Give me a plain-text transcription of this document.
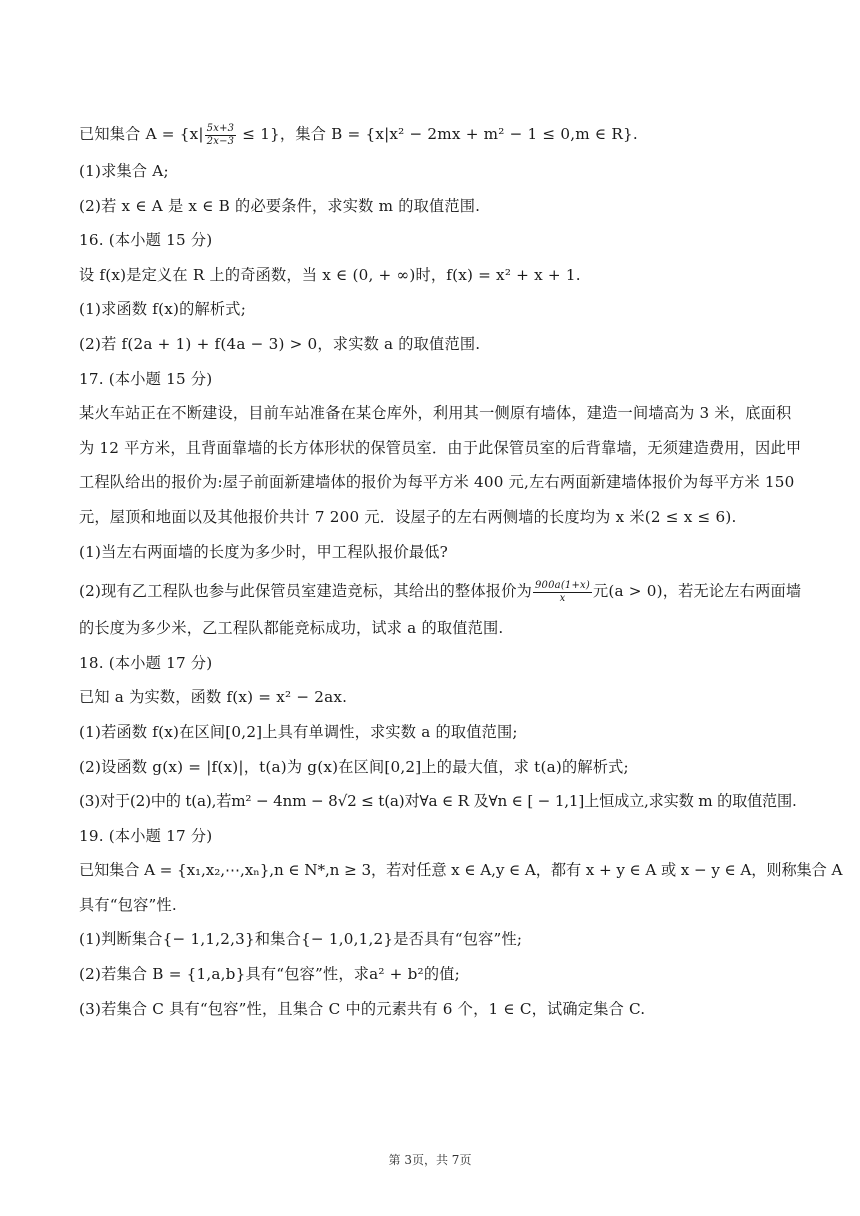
已知集合 $A = \{x| \frac{5x+3}{2x-3} \le 1\}$，集合 B = {x|x² − 2mx + m² − 1 ≤ 0,m ∈ R}.
(1)求集合 A;
(2)若 x ∈ A 是 x ∈ B 的必要条件，求实数 m 的取值范围.
16. (本小题 15 分)
设 f(x)是定义在 R 上的奇函数，当 x ∈ (0, + ∞)时，f(x) = x² + x + 1.
(1)求函数 f(x)的解析式;
(2)若 f(2a + 1) + f(4a − 3) > 0，求实数 a 的取值范围.
17. (本小题 15 分)
某火车站正在不断建设，目前车站准备在某仓库外，利用其一侧原有墙体，建造一间墙高为 3 米，底面积
为 12 平方米，且背面靠墙的长方体形状的保管员室．由于此保管员室的后背靠墙，无须建造费用，因此甲
工程队给出的报价为:屋子前面新建墙体的报价为每平方米 400 元,左右两面新建墙体报价为每平方米 150
元，屋顶和地面以及其他报价共计 7 200 元．设屋子的左右两侧墙的长度均为 x 米(2 ≤ x ≤ 6).
(1)当左右两面墙的长度为多少时，甲工程队报价最低?
(2)现有乙工程队也参与此保管员室建造竞标，其给出的整体报价为 $\frac{900a(1+x)}{x}$ 元(a > 0)，若无论左右两面墙
的长度为多少米，乙工程队都能竞标成功，试求 a 的取值范围.
18. (本小题 17 分)
已知 a 为实数，函数 f(x) = x² − 2ax.
(1)若函数 f(x)在区间[0,2]上具有单调性，求实数 a 的取值范围;
(2)设函数 g(x) = |f(x)|，t(a)为 g(x)在区间[0,2]上的最大值，求 t(a)的解析式;
(3)对于(2)中的 t(a),若m² − 4nm − 8√2 ≤ t(a)对∀a ∈ R 及∀n ∈ [ − 1,1]上恒成立,求实数 m 的取值范围.
19. (本小题 17 分)
已知集合 A = {x₁,x₂,⋯,xₙ},n ∈ N*,n ≥ 3，若对任意 x ∈ A,y ∈ A，都有 x + y ∈ A 或 x − y ∈ A，则称集合 A
具有“包容”性.
(1)判断集合{− 1,1,2,3}和集合{− 1,0,1,2}是否具有“包容”性;
(2)若集合 B = {1,a,b}具有“包容”性，求a² + b²的值;
(3)若集合 C 具有“包容”性，且集合 C 中的元素共有 6 个，1 ∈ C，试确定集合 C.
第 3页，共 7页
